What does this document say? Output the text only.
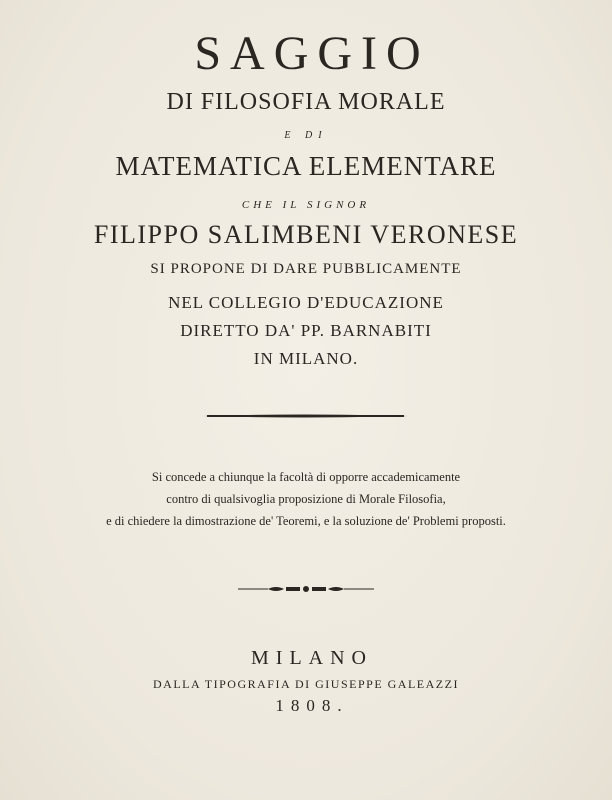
SAGGIO
DI FILOSOFIA MORALE
E DI
MATEMATICA ELEMENTARE
CHE IL SIGNOR
FILIPPO SALIMBENI VERONESE
SI PROPONE DI DARE PUBBLICAMENTE
NEL COLLEGIO D'EDUCAZIONE
DIRETTO DA' PP. BARNABITI
IN MILANO.
Si concede a chiunque la facoltà di opporre accademicamente
contro di qualsivoglia proposizione di Morale Filosofia,
e di chiedere la dimostrazione de' Teoremi, e la soluzione de' Problemi proposti.
MILANO
DALLA TIPOGRAFIA DI GIUSEPPE GALEAZZI
1808.
